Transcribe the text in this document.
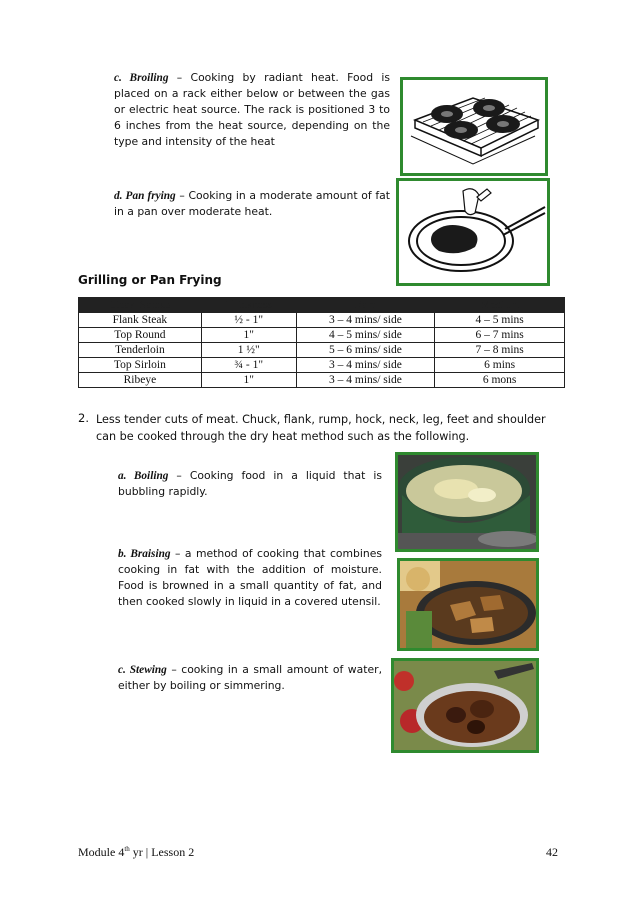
c. Broiling – Cooking by radiant heat. Food is placed on a rack either below or between the gas or electric heat source. The rack is positioned 3 to 6 inches from the heat source, depending on the type and intensity of the heat
d. Pan frying – Cooking in a moderate amount of fat in a pan over moderate heat.
Grilling or Pan Frying
Steak Names	Thickness	Rare	Medium
Flank Steak	½ - 1"	3 – 4 mins/ side	4 – 5 mins
Top Round	1"	4 – 5 mins/ side	6 – 7 mins
Tenderloin	1 ½"	5 – 6 mins/ side	7 – 8 mins
Top Sirloin	¾ - 1"	3 – 4 mins/ side	6 mins
Ribeye	1"	3 – 4 mins/ side	6 mons
2. Less tender cuts of meat. Chuck, flank, rump, hock, neck, leg, feet and shoulder can be cooked through the dry heat method such as the following.
a. Boiling – Cooking food in a liquid that is bubbling rapidly.
b. Braising – a method of cooking that combines cooking in fat with the addition of moisture. Food is browned in a small quantity of fat, and then cooked slowly in liquid in a covered utensil.
c. Stewing – cooking in a small amount of water, either by boiling or simmering.
Module 4th yr | Lesson 2	42
